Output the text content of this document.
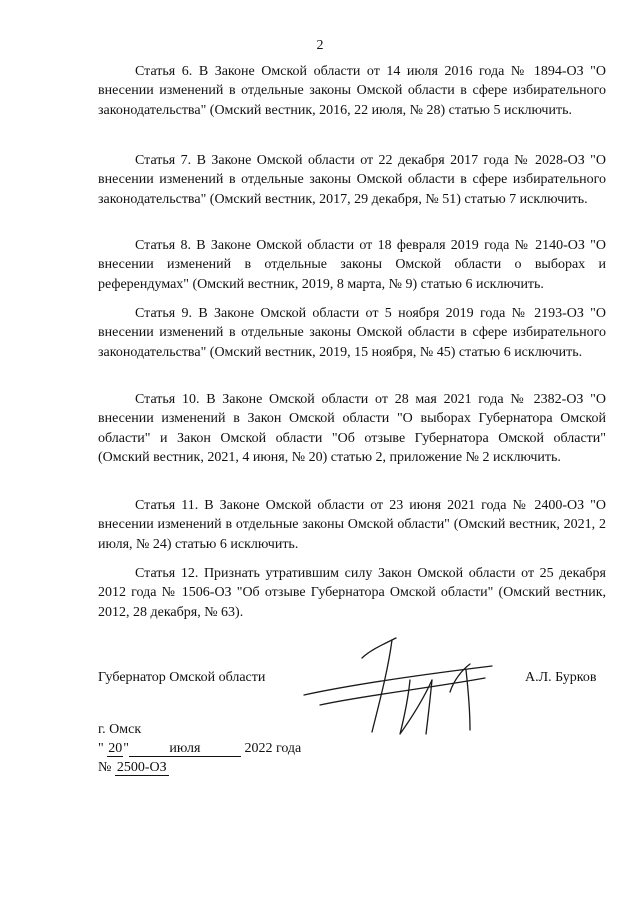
2

Статья 6. В Законе Омской области от 14 июля 2016 года № 1894-ОЗ "О внесении изменений в отдельные законы Омской области в сфере избирательного законодательства" (Омский вестник, 2016, 22 июля, № 28) статью 5 исключить.

Статья 7. В Законе Омской области от 22 декабря 2017 года № 2028-ОЗ "О внесении изменений в отдельные законы Омской области в сфере избирательного законодательства" (Омский вестник, 2017, 29 декабря, № 51) статью 7 исключить.

Статья 8. В Законе Омской области от 18 февраля 2019 года № 2140-ОЗ "О внесении изменений в отдельные законы Омской области о выборах и референдумах" (Омский вестник, 2019, 8 марта, № 9) статью 6 исключить.

Статья 9. В Законе Омской области от 5 ноября 2019 года № 2193-ОЗ "О внесении изменений в отдельные законы Омской области в сфере избирательного законодательства" (Омский вестник, 2019, 15 ноября, № 45) статью 6 исключить.

Статья 10. В Законе Омской области от 28 мая 2021 года № 2382-ОЗ "О внесении изменений в Закон Омской области "О выборах Губернатора Омской области" и Закон Омской области "Об отзыве Губернатора Омской области" (Омский вестник, 2021, 4 июня, № 20) статью 2, приложение № 2 исключить.

Статья 11. В Законе Омской области от 23 июня 2021 года № 2400-ОЗ "О внесении изменений в отдельные законы Омской области" (Омский вестник, 2021, 2 июля, № 24) статью 6 исключить.

Статья 12. Признать утратившим силу Закон Омской области от 25 декабря 2012 года № 1506-ОЗ "Об отзыве Губернатора Омской области" (Омский вестник, 2012, 28 декабря, № 63).

Губернатор Омской области	А.Л. Бурков
г. Омск
" 20"	июля	2022 года
№ 2500-ОЗ
